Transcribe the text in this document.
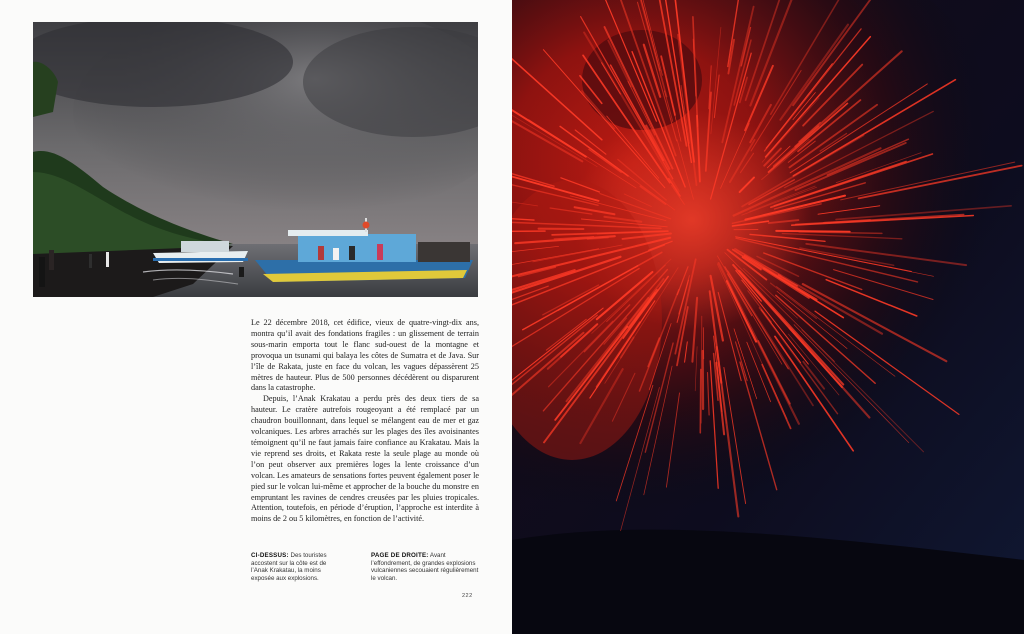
Le 22 décembre 2018, cet édifice, vieux de quatre-vingt-dix ans, montra qu’il avait des fondations fragiles : un glissement de terrain sous-marin emporta tout le flanc sud-ouest de la montagne et provoqua un tsunami qui balaya les côtes de Sumatra et de Java. Sur l’île de Rakata, juste en face du volcan, les vagues dépassèrent 25 mètres de hauteur. Plus de 500 personnes décédèrent ou disparurent dans la catastrophe.

Depuis, l’Anak Krakatau a perdu près des deux tiers de sa hauteur. Le cratère autrefois rougeoyant a été remplacé par un chaudron bouillonnant, dans lequel se mélangent eau de mer et gaz volcaniques. Les arbres arrachés sur les plages des îles avoisinantes témoignent qu’il ne faut jamais faire confiance au Krakatau. Mais la vie reprend ses droits, et Rakata reste la seule plage au monde où l’on peut observer aux premières loges la lente croissance d’un volcan. Les amateurs de sensations fortes peuvent également poser le pied sur le volcan lui-même et approcher de la bouche du monstre en empruntant les ravines de cendres creusées par les pluies tropicales. Attention, toutefois, en période d’éruption, l’approche est interdite à moins de 2 ou 5 kilomètres, en fonction de l’activité.

CI-DESSUS: Des touristes accostent sur la côte est de l’Anak Krakatau, la moins exposée aux explosions.
PAGE DE DROITE: Avant l’effondrement, de grandes explosions vulcaniennes secouaient régulièrement le volcan.
222
